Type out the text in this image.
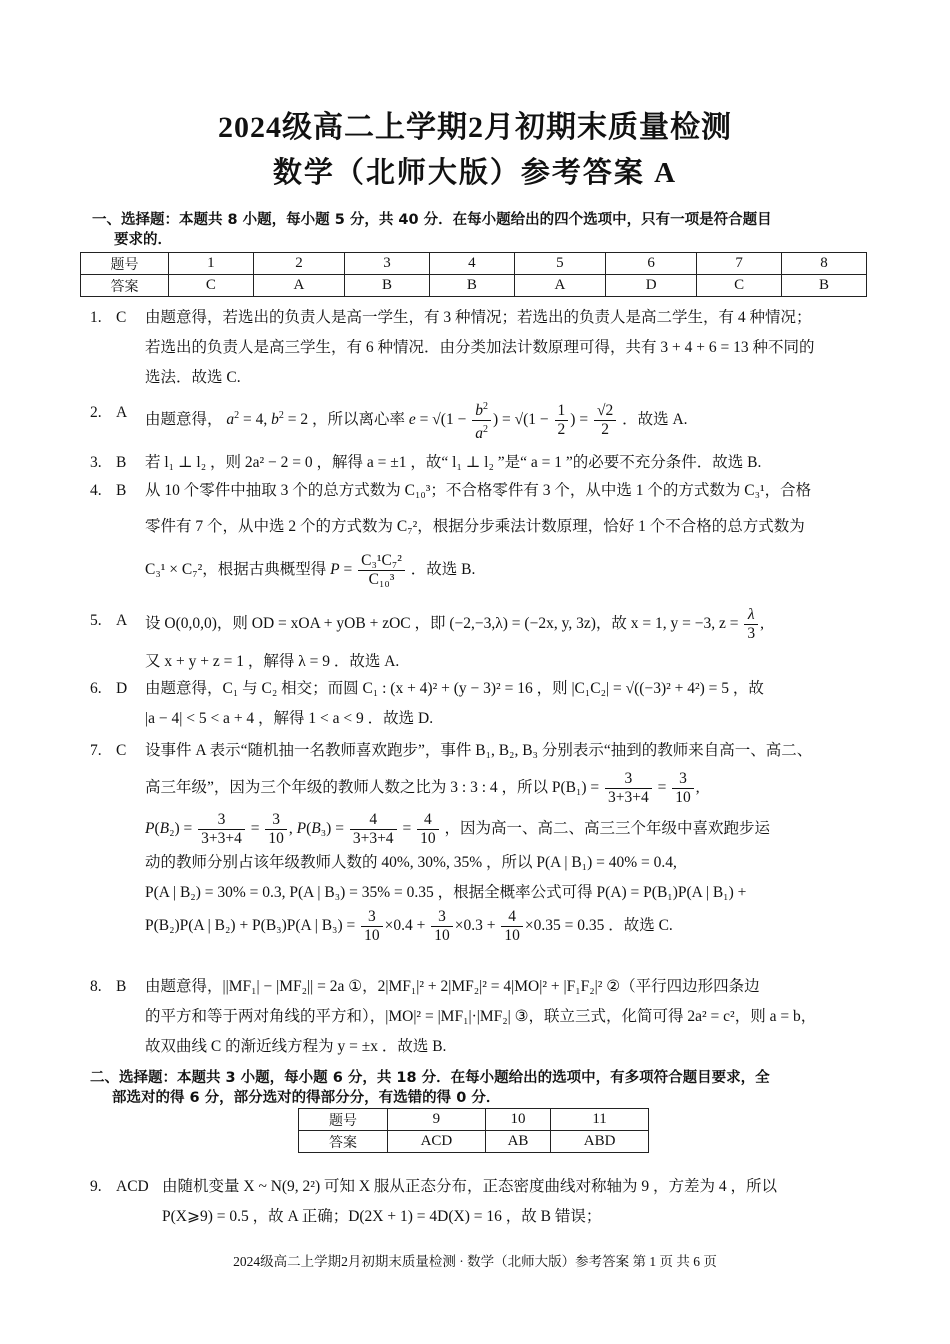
2024级高二上学期2月初期末质量检测
数学（北师大版）参考答案 A
一、选择题：本题共 8 小题，每小题 5 分，共 40 分．在每小题给出的四个选项中，只有一项是符合题目
要求的．
题号	1	2	3	4	5	6	7	8
答案	C	A	B	B	A	D	C	B
1. C 由题意得，若选出的负责人是高一学生，有 3 种情况；若选出的负责人是高二学生，有 4 种情况；
若选出的负责人是高三学生，有 6 种情况．由分类加法计数原理可得，共有 3 + 4 + 6 = 13 种不同的
选法．故选 C.
2. A 由题意得， $a^2 = 4$, $b^2 = 2$ ，所以离心率 $e = √(1 - \frac{b^2}{a^2}$ ) = $√(1 - \frac{1}{2}$ ) = $\frac{√2}{2}$ ．故选 A.
3. B 若 l₁ ⊥ l₂ ，则 2a² − 2 = 0 ，解得 a = ±1 ，故“ l₁ ⊥ l₂ ”是“ a = 1 ”的必要不充分条件．故选 B.
4. B 从 10 个零件中抽取 3 个的总方式数为 C₁₀³；不合格零件有 3 个，从中选 1 个的方式数为 C₃¹，合格
零件有 7 个，从中选 2 个的方式数为 C₇²，根据分步乘法计数原理，恰好 1 个不合格的总方式数为
C₃¹ × C₇²，根据古典概型得 $P = \frac{\text{C₃¹C₇²}}{\text{C₁₀³}}$ ．故选 B.
5. A 设 O(0,0,0)，则 OD = xOA + yOB + zOC ，即 (−2,−3,λ) = (−2x, y, 3z)，故 x = 1, y = −3, $z = \frac{\lambda}{3}$ ,
又 x + y + z = 1 ，解得 λ = 9 ．故选 A.
6. D 由题意得，C₁ 与 C₂ 相交；而圆 C₁ : (x + 4)² + (y − 3)² = 16 ，则 |C₁C₂| = √((−3)² + 4²) = 5 ，故
|a − 4| < 5 < a + 4 ，解得 1 < a < 9 ．故选 D.
7. C 设事件 A 表示“随机抽一名教师喜欢跑步”，事件 B₁, B₂, B₃ 分别表示“抽到的教师来自高一、高二、
高三年级”，因为三个年级的教师人数之比为 3 : 3 : 4 ，所以 $P(B_1) = \frac{3}{3+3+4} = \frac{3}{10}$ ,
$P(B_2) = \frac{3}{3+3+4} = \frac{3}{10}$ , $P(B_3) = \frac{4}{3+3+4} = \frac{4}{10}$ ，因为高一、高二、高三三个年级中喜欢跑步运
动的教师分别占该年级教师人数的 40%, 30%, 35% ，所以 P(A | B₁) = 40% = 0.4,
P(A | B₂) = 30% = 0.3, P(A | B₃) = 35% = 0.35 ，根据全概率公式可得 P(A) = P(B₁)P(A | B₁) +
P(B₂)P(A | B₂) + P(B₃)P(A | $B_3) = \frac{3}{10} \times 0.4 + \frac{3}{10} \times 0.3 + \frac{4}{10} \times 0.35 = 0.35$ ．故选 C.
8. B 由题意得，||MF₁| − |MF₂|| = 2a ①，2|MF₁|² + 2|MF₂|² = 4|MO|² + |F₁F₂|² ②（平行四边形四条边
的平方和等于两对角线的平方和），|MO|² = |MF₁|·|MF₂| ③，联立三式，化简可得 2a² = c²，则 a = b，
故双曲线 C 的渐近线方程为 y = ±x ．故选 B.
二、选择题：本题共 3 小题，每小题 6 分，共 18 分．在每小题给出的选项中，有多项符合题目要求，全
部选对的得 6 分，部分选对的得部分分，有选错的得 0 分．
题号	9	10	11
答案	ACD	AB	ABD
9. ACD 由随机变量 X ~ N(9, 2²) 可知 X 服从正态分布，正态密度曲线对称轴为 9 ，方差为 4 ，所以
P(X⩾9) = 0.5 ，故 A 正确；D(2X + 1) = 4D(X) = 16 ，故 B 错误；
2024级高二上学期2月初期末质量检测 · 数学（北师大版）参考答案 第 1 页 共 6 页
